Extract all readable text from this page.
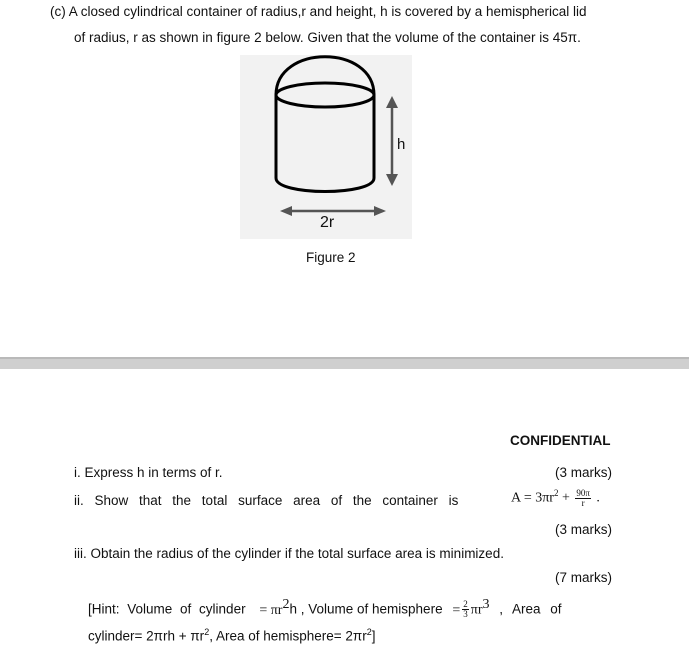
(c) A closed cylindrical container of radius,r and height, h is covered by a hemispherical lid
of radius, r as shown in figure 2 below. Given that the volume of the container is 45π.
h
2r
Figure 2
CONFIDENTIAL
i. Express h in terms of r.	(3 marks)
ii. Show that the total surface area of the container is	$A = 3\pi r^2 + \frac{90\pi}{r}$ .
(3 marks)
iii. Obtain the radius of the cylinder if the total surface area is minimized.
(7 marks)
[Hint: Volume of cylinder = $\pi r^2h$ , Volume of hemisphere = $\frac{2}{3} \pi r^3$ , Area of
cylinder= $2\pi rh + \pi r^2$, Area of hemisphere= $2\pi r^2$]
